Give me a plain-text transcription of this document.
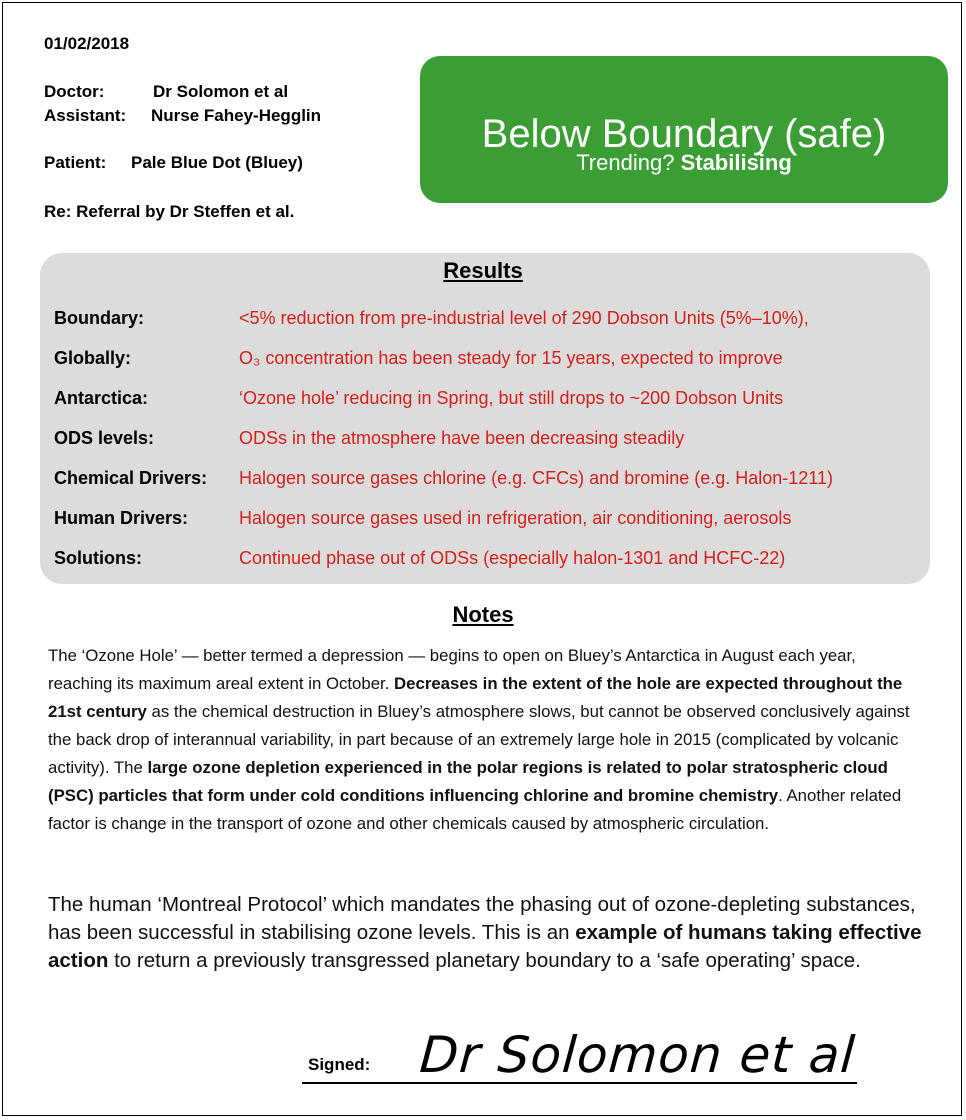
01/02/2018
Doctor:	Dr Solomon et al
Assistant: Nurse Fahey-Hegglin
Patient: Pale Blue Dot (Bluey)
Re: Referral by Dr Steffen et al.
Below Boundary (safe)
Trending? Stabilising
Results
Boundary:	<5% reduction from pre-industrial level of 290 Dobson Units (5%–10%),
Globally:	O₃ concentration has been steady for 15 years, expected to improve
Antarctica:	‘Ozone hole’ reducing in Spring, but still drops to ~200 Dobson Units
ODS levels:	ODSs in the atmosphere have been decreasing steadily
Chemical Drivers: Halogen source gases chlorine (e.g. CFCs) and bromine (e.g. Halon-1211)
Human Drivers:	Halogen source gases used in refrigeration, air conditioning, aerosols
Solutions:	Continued phase out of ODSs (especially halon-1301 and HCFC-22)
Notes
The ‘Ozone Hole’ — better termed a depression — begins to open on Bluey’s Antarctica in August each year, reaching its maximum areal extent in October. Decreases in the extent of the hole are expected throughout the 21st century as the chemical destruction in Bluey’s atmosphere slows, but cannot be observed conclusively against the back drop of interannual variability, in part because of an extremely large hole in 2015 (complicated by volcanic activity). The large ozone depletion experienced in the polar regions is related to polar stratospheric cloud (PSC) particles that form under cold conditions influencing chlorine and bromine chemistry. Another related factor is change in the transport of ozone and other chemicals caused by atmospheric circulation.
The human ‘Montreal Protocol’ which mandates the phasing out of ozone-depleting substances, has been successful in stabilising ozone levels. This is an example of humans taking effective action to return a previously transgressed planetary boundary to a ‘safe operating’ space.
Signed: Dr Solomon et al
